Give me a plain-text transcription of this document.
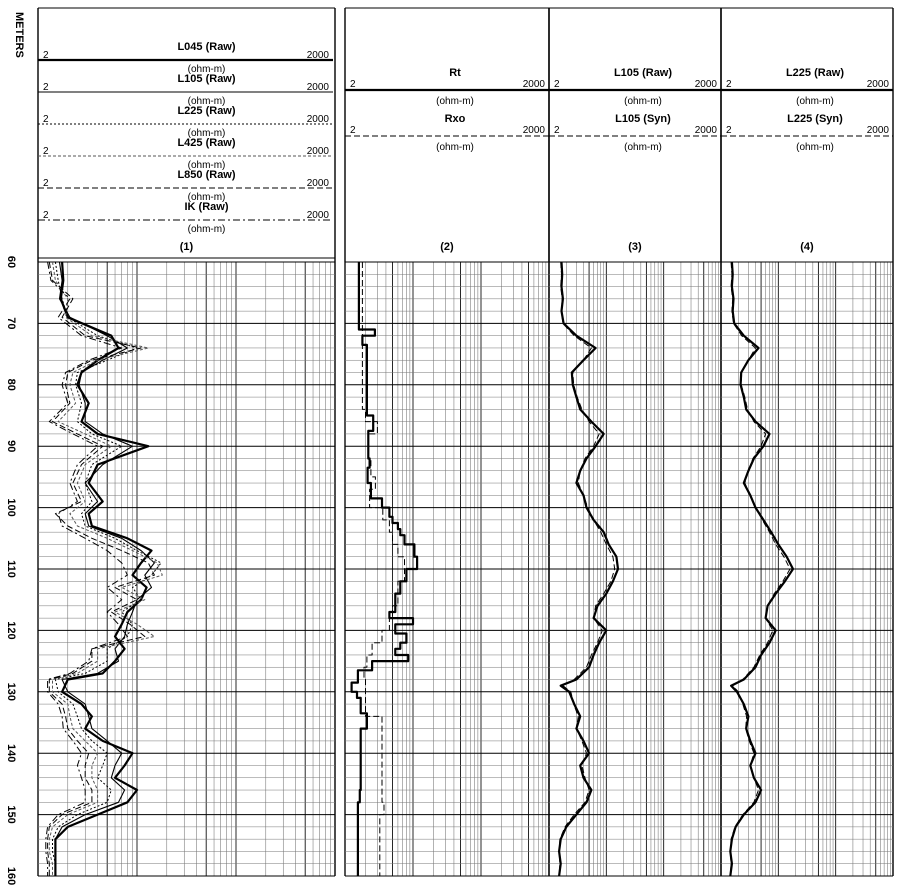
L045 (Raw)
2	2000
(ohm-m)
L105 (Raw)
2	2000
(ohm-m)
L225 (Raw)
2	2000
(ohm-m)
L425 (Raw)
2	2000
(ohm-m)
L850 (Raw)
2	2000
(ohm-m)
IK (Raw)
2	2000
(ohm-m)
(1)
Rt
2	2000
(ohm-m)
Rxo
2	2000
(ohm-m)
(2)
L105 (Raw)
2	2000
(ohm-m)
L105 (Syn)
2	2000
(ohm-m)
(3)
L225 (Raw)
2	2000
(ohm-m)
L225 (Syn)
2	2000
(ohm-m)
(4)
METERS
60
70
80
90
100
110
120
130
140
150
160
